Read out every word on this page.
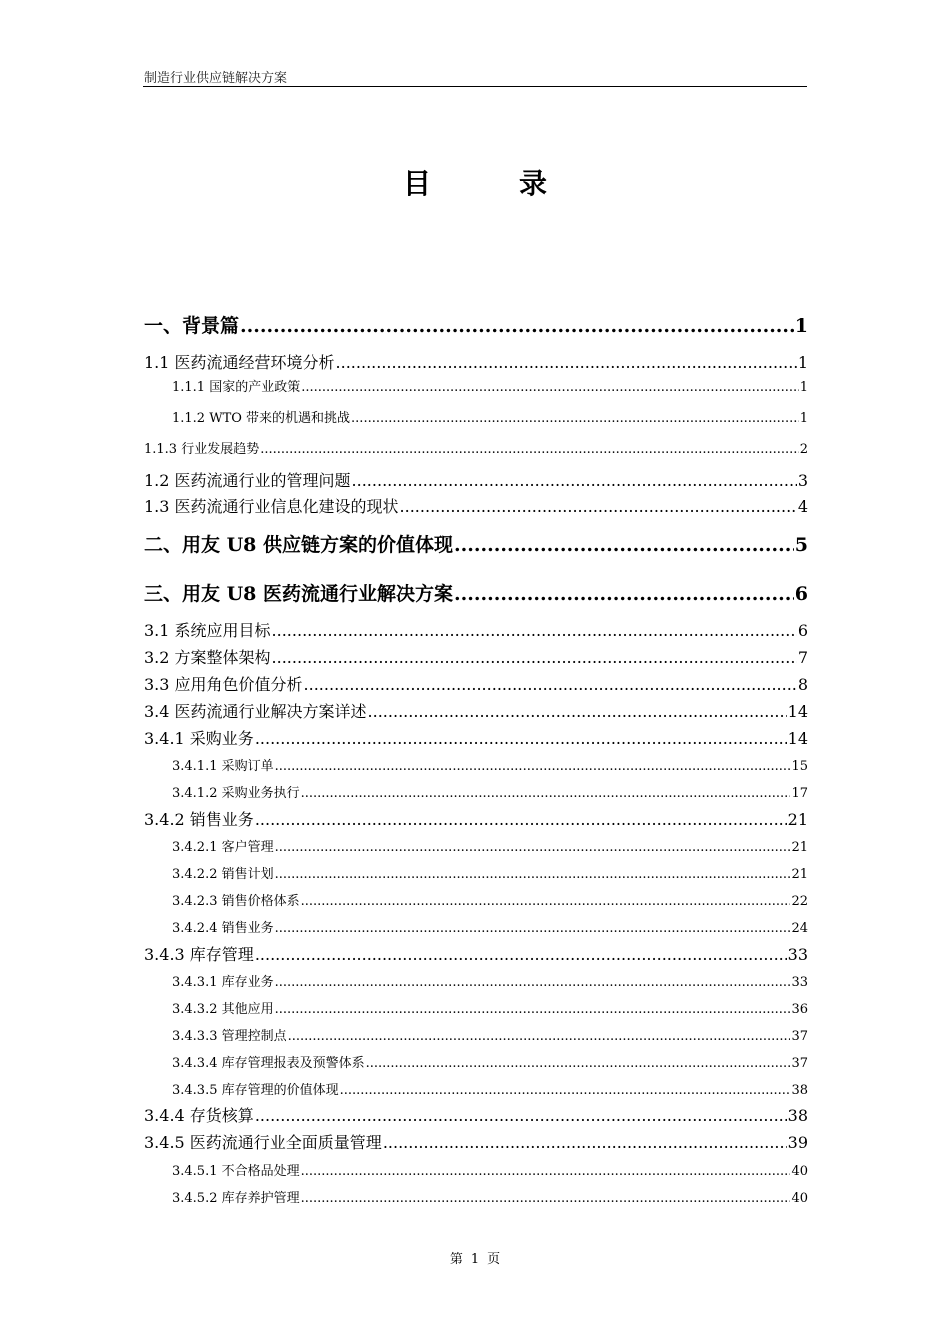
制造行业供应链解决方案
目	录
一、背景篇 .....	1
1.1 医药流通经营环境分析 .....	1
1.1.1 国家的产业政策 .....	1
1.1.2 WTO 带来的机遇和挑战 .....	1
1.1.3 行业发展趋势 .....	2
1.2 医药流通行业的管理问题 .....	3
1.3 医药流通行业信息化建设的现状 .....	4
二、用友 U8 供应链方案的价值体现 .....	5
三、用友 U8 医药流通行业解决方案 .....	6
3.1 系统应用目标 .....	6
3.2 方案整体架构 .....	7
3.3 应用角色价值分析 .....	8
3.4 医药流通行业解决方案详述 .....	14
3.4.1 采购业务 .....	14
3.4.1.1 采购订单 .....	15
3.4.1.2 采购业务执行 .....	17
3.4.2 销售业务 .....	21
3.4.2.1 客户管理 .....	21
3.4.2.2 销售计划 .....	21
3.4.2.3 销售价格体系 .....	22
3.4.2.4 销售业务 .....	24
3.4.3 库存管理 .....	33
3.4.3.1 库存业务 .....	33
3.4.3.2 其他应用 .....	36
3.4.3.3 管理控制点 .....	37
3.4.3.4 库存管理报表及预警体系 .....	37
3.4.3.5 库存管理的价值体现 .....	38
3.4.4 存货核算 .....	38
3.4.5 医药流通行业全面质量管理 .....	39
3.4.5.1 不合格品处理 .....	40
3.4.5.2 库存养护管理 .....	40
第 1 页
